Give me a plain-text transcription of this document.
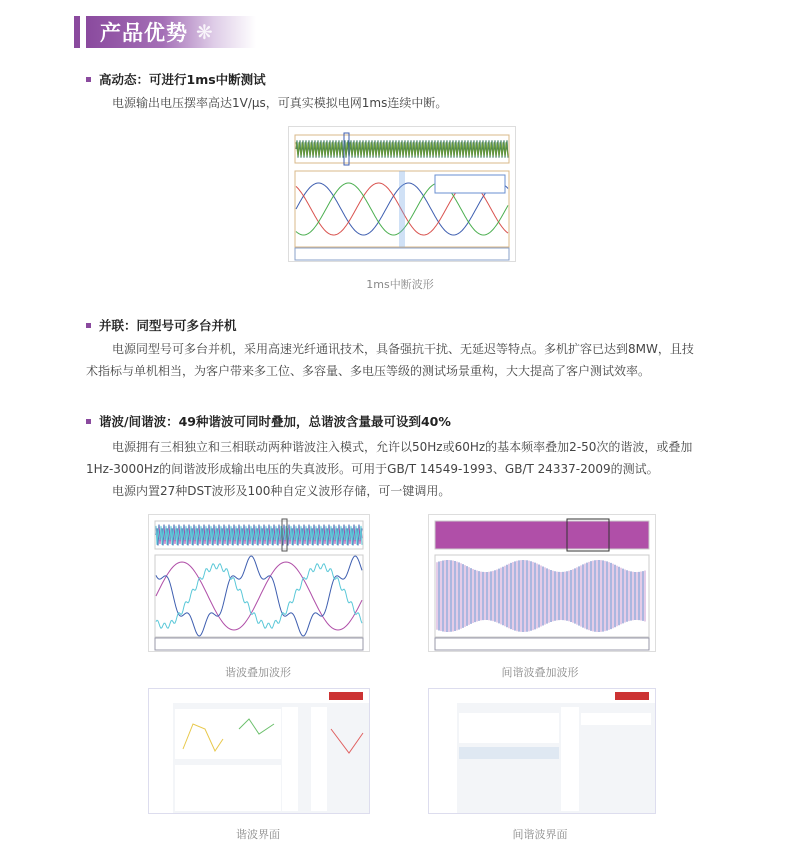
产品优势 ❋
高动态：可进行1ms中断测试
电源输出电压摆率高达1V/μs，可真实模拟电网1ms连续中断。
1ms中断波形
并联：同型号可多台并机
电源同型号可多台并机，采用高速光纤通讯技术，具备强抗干扰、无延迟等特点。多机扩容已达到8MW，且技
术指标与单机相当，为客户带来多工位、多容量、多电压等级的测试场景重构，大大提高了客户测试效率。
谐波/间谐波：49种谐波可同时叠加，总谐波含量最可设到40%
电源拥有三相独立和三相联动两种谐波注入模式，允许以50Hz或60Hz的基本频率叠加2-50次的谐波，或叠加
1Hz-3000Hz的间谐波形成输出电压的失真波形。可用于GB/T 14549-1993、GB/T 24337-2009的测试。
电源内置27种DST波形及100种自定义波形存储，可一键调用。
谐波叠加波形	间谐波叠加波形
谐波界面	间谐波界面
